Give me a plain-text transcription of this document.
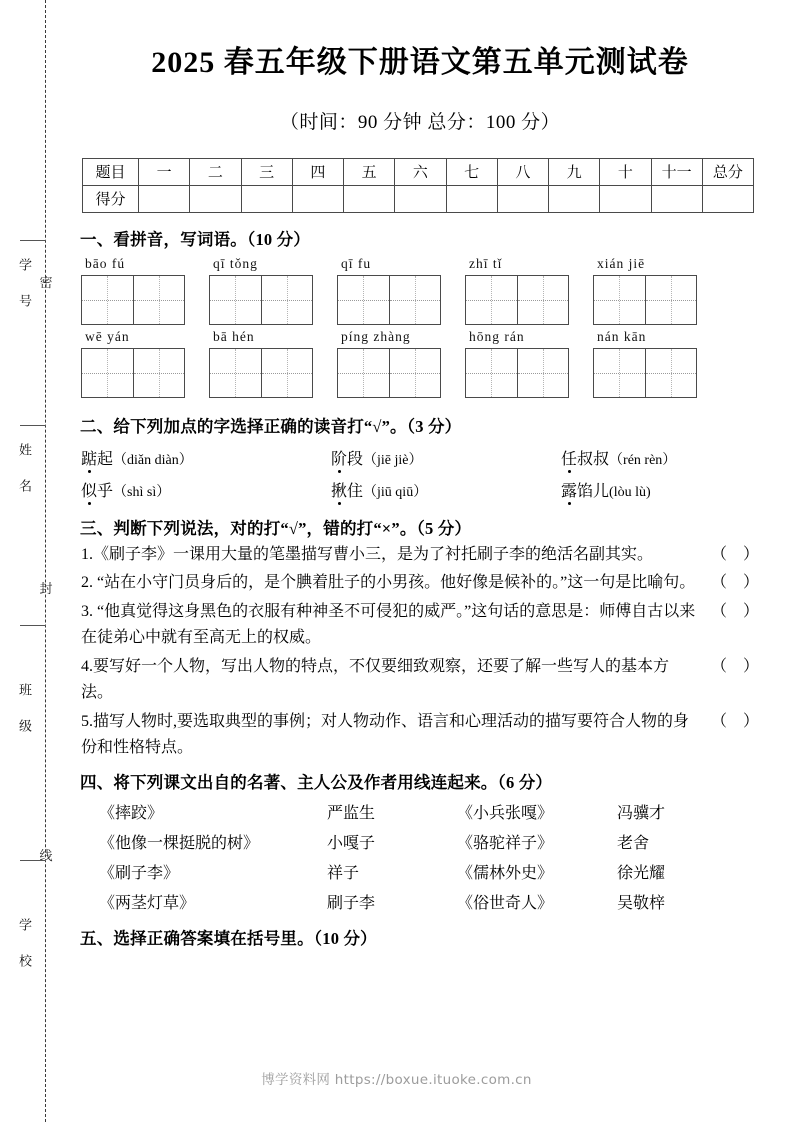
密
封
线
学 号
姓 名
班 级
学 校
2025 春五年级下册语文第五单元测试卷
（时间：90 分钟 总分：100 分）
题目	一	二	三	四	五	六	七	八	九	十	十一	总分
得分												
一、看拼音，写词语。（10 分）
bāo fú	qī tǒng	qī fu	zhī tǐ	xián jiē
wē yán	bā hén	píng zhàng	hōng rán	nán kān
二、给下列加点的字选择正确的读音打“√”。（3 分）
踮起（diǎn diàn）	阶段（jiē jiè）	任叔叔（rén rèn）
似乎（shì sì）	揪住（jiū qiū）	露馅儿(lòu lù)
三、判断下列说法，对的打“√”，错的打“×”。（5 分）
（ ）
1.《刷子李》一课用大量的笔墨描写曹小三，是为了衬托刷子李的绝活名副其实。
（ ）
2. “站在小守门员身后的，是个腆着肚子的小男孩。他好像是候补的。”这一句是比喻句。
（ ）
3. “他真觉得这身黑色的衣服有种神圣不可侵犯的威严。”这句话的意思是：师傅自古以来在徒弟心中就有至高无上的权威。
（ ）
4.要写好一个人物，写出人物的特点，不仅要细致观察，还要了解一些写人的基本方法。
（ ）
5.描写人物时,要选取典型的事例；对人物动作、语言和心理活动的描写要符合人物的身份和性格特点。
四、将下列课文出自的名著、主人公及作者用线连起来。（6 分）
《摔跤》	严监生	《小兵张嘎》	冯骥才
《他像一棵挺脱的树》	小嘎子	《骆驼祥子》	老舍
《刷子李》	祥子	《儒林外史》	徐光耀
《两茎灯草》	刷子李	《俗世奇人》	吴敬梓
五、选择正确答案填在括号里。（10 分）
博学资料网 https://boxue.ituoke.com.cn
